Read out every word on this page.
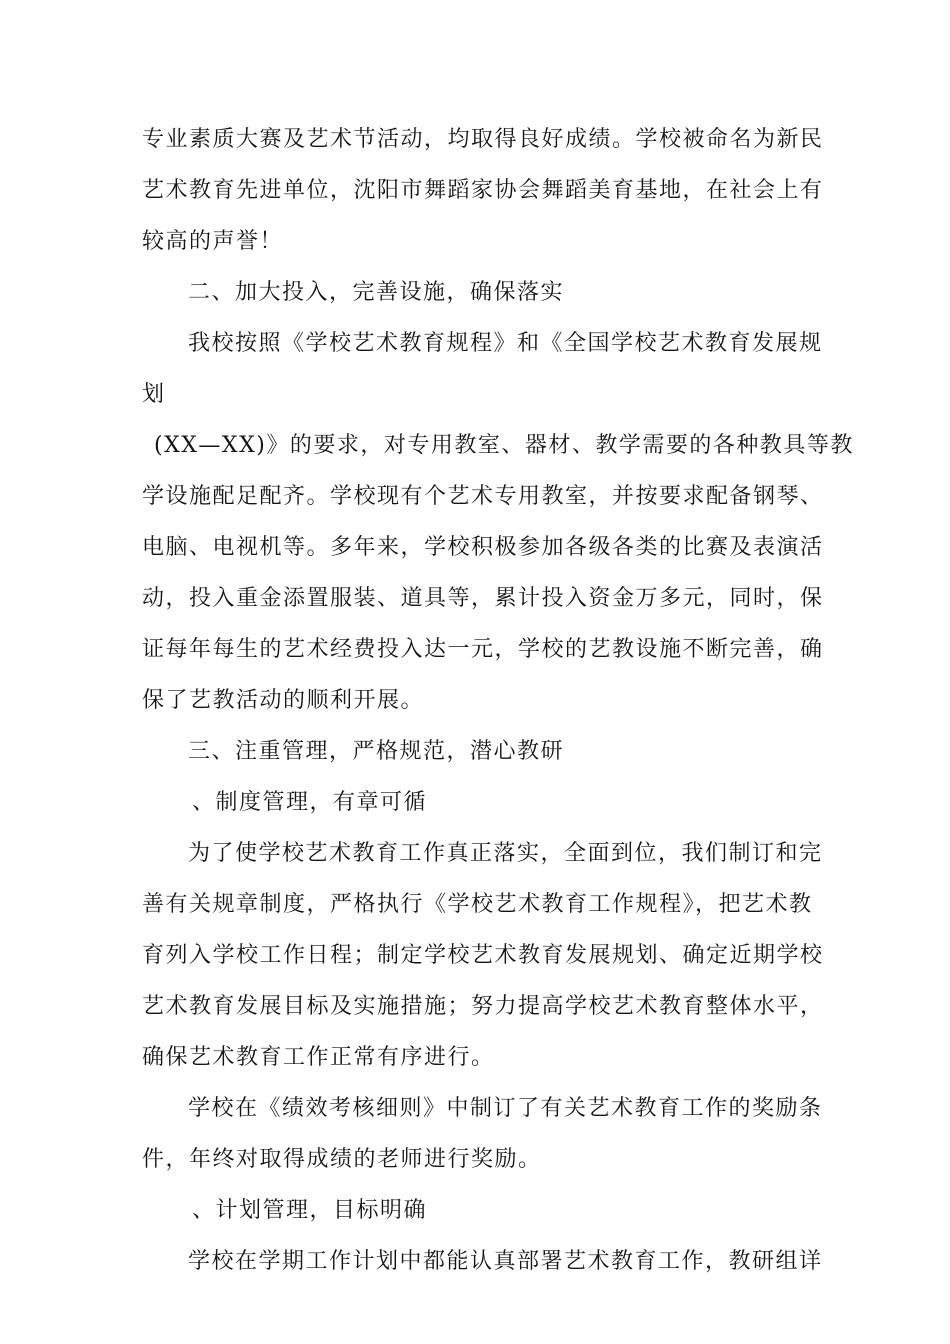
专业素质大赛及艺术节活动，均取得良好成绩。学校被命名为新民
艺术教育先进单位，沈阳市舞蹈家协会舞蹈美育基地，在社会上有
较高的声誉！
二、加大投入，完善设施，确保落实
我校按照《学校艺术教育规程》和《全国学校艺术教育发展规
划
(XX—XX)》的要求，对专用教室、器材、教学需要的各种教具等教
学设施配足配齐。学校现有个艺术专用教室，并按要求配备钢琴、
电脑、电视机等。多年来，学校积极参加各级各类的比赛及表演活
动，投入重金添置服装、道具等，累计投入资金万多元，同时，保
证每年每生的艺术经费投入达一元，学校的艺教设施不断完善，确
保了艺教活动的顺利开展。
三、注重管理，严格规范，潜心教研
、制度管理，有章可循
为了使学校艺术教育工作真正落实，全面到位，我们制订和完
善有关规章制度，严格执行《学校艺术教育工作规程》，把艺术教
育列入学校工作日程；制定学校艺术教育发展规划、确定近期学校
艺术教育发展目标及实施措施；努力提高学校艺术教育整体水平，
确保艺术教育工作正常有序进行。
学校在《绩效考核细则》中制订了有关艺术教育工作的奖励条
件，年终对取得成绩的老师进行奖励。
、计划管理，目标明确
学校在学期工作计划中都能认真部署艺术教育工作，教研组详
